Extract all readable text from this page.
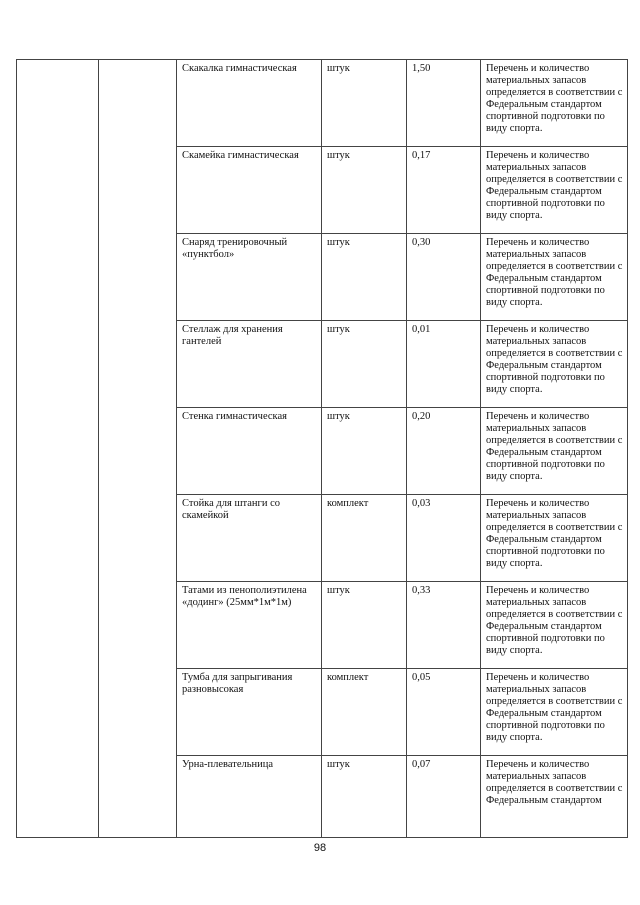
		Скакалка гимнастическая	штук	1,50	Перечень и количество материальных запасов определяется в соответствии с Федеральным стандартом спортивной подготовки по виду спорта.
		Скамейка гимнастическая	штук	0,17	Перечень и количество материальных запасов определяется в соответствии с Федеральным стандартом спортивной подготовки по виду спорта.
		Снаряд тренировочный «пунктбол»	штук	0,30	Перечень и количество материальных запасов определяется в соответствии с Федеральным стандартом спортивной подготовки по виду спорта.
		Стеллаж для хранения гантелей	штук	0,01	Перечень и количество материальных запасов определяется в соответствии с Федеральным стандартом спортивной подготовки по виду спорта.
		Стенка гимнастическая	штук	0,20	Перечень и количество материальных запасов определяется в соответствии с Федеральным стандартом спортивной подготовки по виду спорта.
		Стойка для штанги со скамейкой	комплект	0,03	Перечень и количество материальных запасов определяется в соответствии с Федеральным стандартом спортивной подготовки по виду спорта.
		Татами из пенополиэтилена «додинг» (25мм*1м*1м)	штук	0,33	Перечень и количество материальных запасов определяется в соответствии с Федеральным стандартом спортивной подготовки по виду спорта.
		Тумба для запрыгивания разновысокая	комплект	0,05	Перечень и количество материальных запасов определяется в соответствии с Федеральным стандартом спортивной подготовки по виду спорта.
		Урна-плевательница	штук	0,07	Перечень и количество материальных запасов определяется в соответствии с Федеральным стандартом
98
